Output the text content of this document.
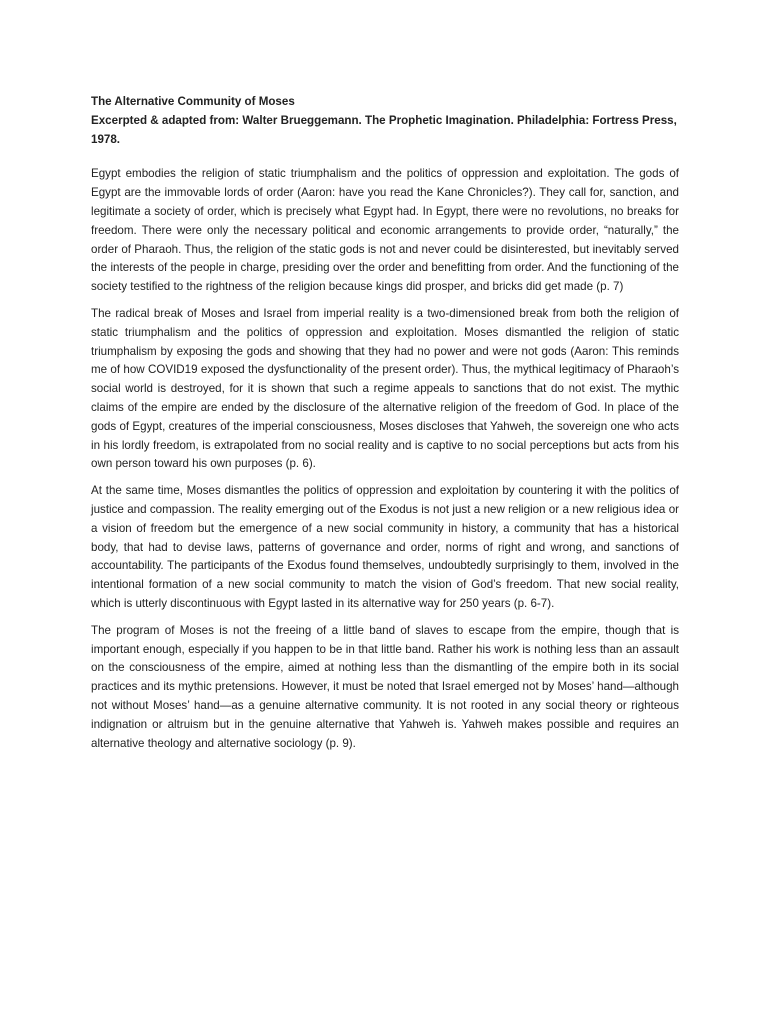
The Alternative Community of Moses

Excerpted & adapted from: Walter Brueggemann. The Prophetic Imagination. Philadelphia: Fortress Press, 1978.

Egypt embodies the religion of static triumphalism and the politics of oppression and exploitation. The gods of Egypt are the immovable lords of order (Aaron: have you read the Kane Chronicles?). They call for, sanction, and legitimate a society of order, which is precisely what Egypt had. In Egypt, there were no revolutions, no breaks for freedom. There were only the necessary political and economic arrangements to provide order, “naturally,” the order of Pharaoh. Thus, the religion of the static gods is not and never could be disinterested, but inevitably served the interests of the people in charge, presiding over the order and benefitting from order. And the functioning of the society testified to the rightness of the religion because kings did prosper, and bricks did get made (p. 7)

The radical break of Moses and Israel from imperial reality is a two-dimensioned break from both the religion of static triumphalism and the politics of oppression and exploitation. Moses dismantled the religion of static triumphalism by exposing the gods and showing that they had no power and were not gods (Aaron: This reminds me of how COVID19 exposed the dysfunctionality of the present order). Thus, the mythical legitimacy of Pharaoh’s social world is destroyed, for it is shown that such a regime appeals to sanctions that do not exist. The mythic claims of the empire are ended by the disclosure of the alternative religion of the freedom of God. In place of the gods of Egypt, creatures of the imperial consciousness, Moses discloses that Yahweh, the sovereign one who acts in his lordly freedom, is extrapolated from no social reality and is captive to no social perceptions but acts from his own person toward his own purposes (p. 6).

At the same time, Moses dismantles the politics of oppression and exploitation by countering it with the politics of justice and compassion. The reality emerging out of the Exodus is not just a new religion or a new religious idea or a vision of freedom but the emergence of a new social community in history, a community that has a historical body, that had to devise laws, patterns of governance and order, norms of right and wrong, and sanctions of accountability. The participants of the Exodus found themselves, undoubtedly surprisingly to them, involved in the intentional formation of a new social community to match the vision of God’s freedom. That new social reality, which is utterly discontinuous with Egypt lasted in its alternative way for 250 years (p. 6-7).

The program of Moses is not the freeing of a little band of slaves to escape from the empire, though that is important enough, especially if you happen to be in that little band. Rather his work is nothing less than an assault on the consciousness of the empire, aimed at nothing less than the dismantling of the empire both in its social practices and its mythic pretensions. However, it must be noted that Israel emerged not by Moses’ hand—although not without Moses’ hand—as a genuine alternative community. It is not rooted in any social theory or righteous indignation or altruism but in the genuine alternative that Yahweh is. Yahweh makes possible and requires an alternative theology and alternative sociology (p. 9).
